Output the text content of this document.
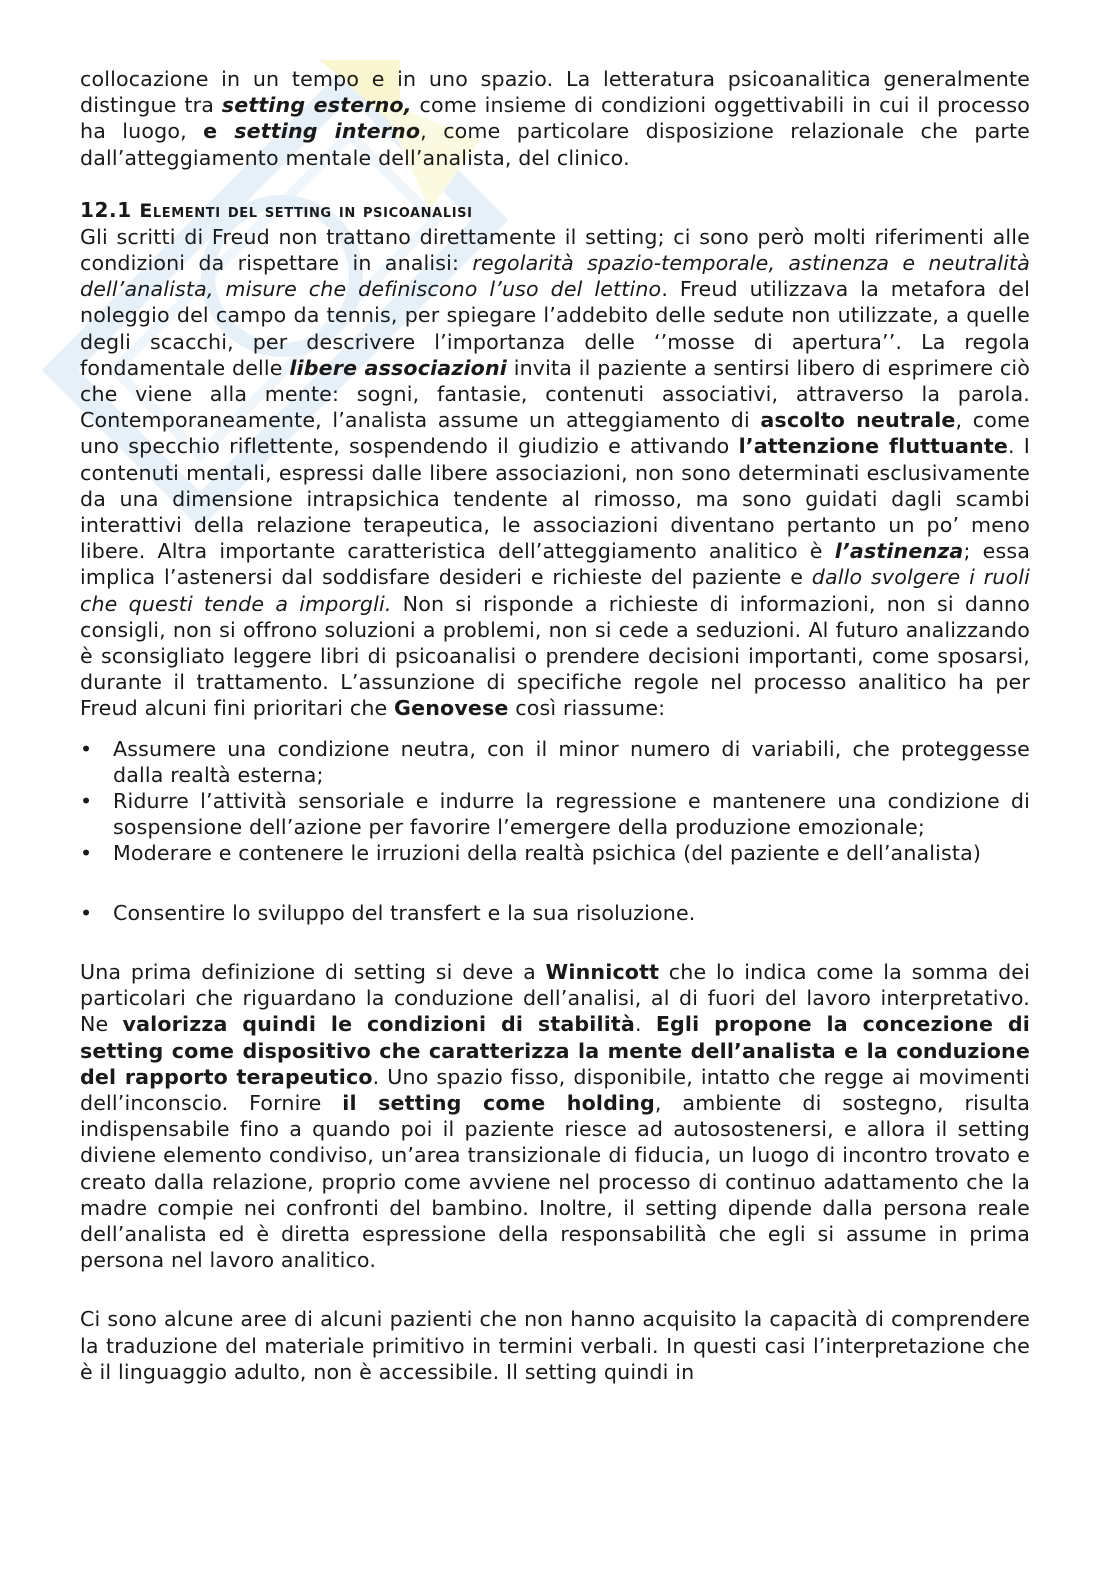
collocazione in un tempo e in uno spazio. La letteratura psicoanalitica generalmente distingue tra setting esterno, come insieme di condizioni oggettivabili in cui il processo ha luogo, e setting interno, come particolare disposizione relazionale che parte dall’atteggiamento mentale dell’analista, del clinico.

12.1 Elementi del setting in psicoanalisi

Gli scritti di Freud non trattano direttamente il setting; ci sono però molti riferimenti alle condizioni da rispettare in analisi: regolarità spazio-temporale, astinenza e neutralità dell’analista, misure che definiscono l’uso del lettino. Freud utilizzava la metafora del noleggio del campo da tennis, per spiegare l’addebito delle sedute non utilizzate, a quelle degli scacchi, per descrivere l’importanza delle ‘’mosse di apertura’’. La regola fondamentale delle libere associazioni invita il paziente a sentirsi libero di esprimere ciò che viene alla mente: sogni, fantasie, contenuti associativi, attraverso la parola. Contemporaneamente, l’analista assume un atteggiamento di ascolto neutrale, come uno specchio riflettente, sospendendo il giudizio e attivando l’attenzione fluttuante. I contenuti mentali, espressi dalle libere associazioni, non sono determinati esclusivamente da una dimensione intrapsichica tendente al rimosso, ma sono guidati dagli scambi interattivi della relazione terapeutica, le associazioni diventano pertanto un po’ meno libere. Altra importante caratteristica dell’atteggiamento analitico è l’astinenza; essa implica l’astenersi dal soddisfare desideri e richieste del paziente e dallo svolgere i ruoli che questi tende a imporgli. Non si risponde a richieste di informazioni, non si danno consigli, non si offrono soluzioni a problemi, non si cede a seduzioni. Al futuro analizzando è sconsigliato leggere libri di psicoanalisi o prendere decisioni importanti, come sposarsi, durante il trattamento. L’assunzione di specifiche regole nel processo analitico ha per Freud alcuni fini prioritari che Genovese così riassume:

• Assumere una condizione neutra, con il minor numero di variabili, che proteggesse dalla realtà esterna;
• Ridurre l’attività sensoriale e indurre la regressione e mantenere una condizione di sospensione dell’azione per favorire l’emergere della produzione emozionale;
• Moderare e contenere le irruzioni della realtà psichica (del paziente e dell’analista)
• Consentire lo sviluppo del transfert e la sua risoluzione.

Una prima definizione di setting si deve a Winnicott che lo indica come la somma dei particolari che riguardano la conduzione dell’analisi, al di fuori del lavoro interpretativo. Ne valorizza quindi le condizioni di stabilità. Egli propone la concezione di setting come dispositivo che caratterizza la mente dell’analista e la conduzione del rapporto terapeutico. Uno spazio fisso, disponibile, intatto che regge ai movimenti dell’inconscio. Fornire il setting come holding, ambiente di sostegno, risulta indispensabile fino a quando poi il paziente riesce ad autosostenersi, e allora il setting diviene elemento condiviso, un’area transizionale di fiducia, un luogo di incontro trovato e creato dalla relazione, proprio come avviene nel processo di continuo adattamento che la madre compie nei confronti del bambino. Inoltre, il setting dipende dalla persona reale dell’analista ed è diretta espressione della responsabilità che egli si assume in prima persona nel lavoro analitico.

Ci sono alcune aree di alcuni pazienti che non hanno acquisito la capacità di comprendere la traduzione del materiale primitivo in termini verbali. In questi casi l’interpretazione che è il linguaggio adulto, non è accessibile. Il setting quindi in
